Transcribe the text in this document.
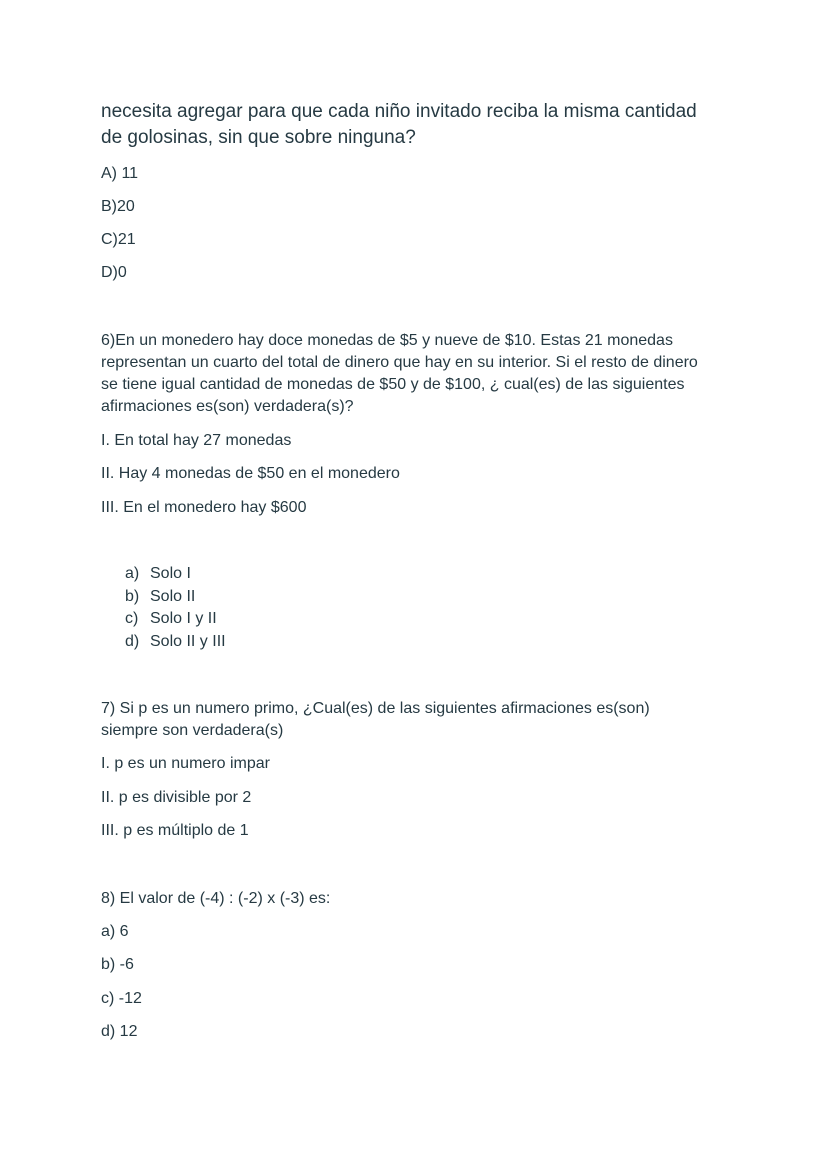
necesita agregar para que cada niño invitado reciba la misma cantidad
de golosinas, sin que sobre ninguna?
A) 11
B)20
C)21
D)0
6)En un monedero hay doce monedas de $5 y nueve de $10. Estas 21 monedas
representan un cuarto del total de dinero que hay en su interior. Si el resto de dinero
se tiene igual cantidad de monedas de $50 y de $100, ¿ cual(es) de las siguientes
afirmaciones es(son) verdadera(s)?
I. En total hay 27 monedas
II. Hay 4 monedas de $50 en el monedero
III. En el monedero hay $600
a) Solo I
b) Solo II
c) Solo I y II
d) Solo II y III
7) Si p es un numero primo, ¿Cual(es) de las siguientes afirmaciones es(son)
siempre son verdadera(s)
I. p es un numero impar
II. p es divisible por 2
III. p es múltiplo de 1
8) El valor de (-4) : (-2) x (-3) es:
a) 6
b) -6
c) -12
d) 12
